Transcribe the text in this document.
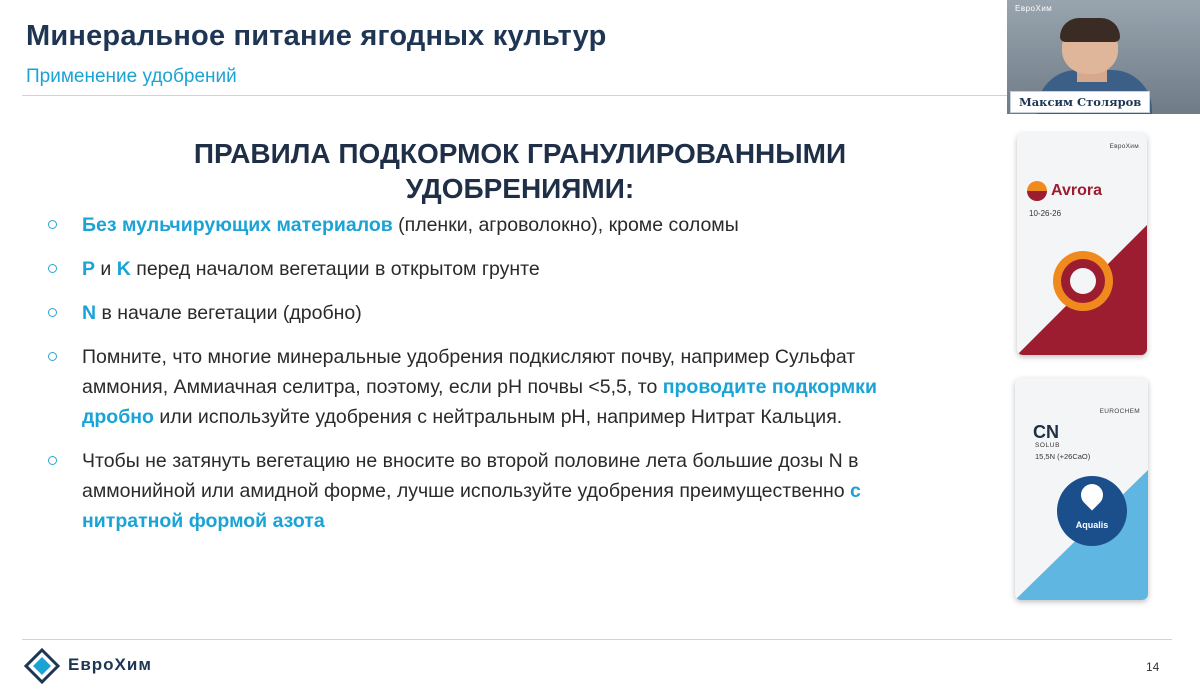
Минеральное питание ягодных культур
Применение удобрений
ПРАВИЛА ПОДКОРМОК ГРАНУЛИРОВАННЫМИ
УДОБРЕНИЯМИ:
Без мульчирующих материалов (пленки, агроволокно), кроме соломы
P и K перед началом вегетации в открытом грунте
N в начале вегетации (дробно)
Помните, что многие минеральные удобрения подкисляют почву, например Сульфат аммония, Аммиачная селитра, поэтому, если pH почвы <5,5, то проводите подкормки дробно или используйте удобрения с нейтральным pH, например Нитрат Кальция.
Чтобы не затянуть вегетацию не вносите во второй половине лета большие дозы N в аммонийной или амидной форме, лучше используйте удобрения преимущественно с нитратной формой азота
ЕвроХим
Avrora
10-26-26
EUROCHEM
CN
SOLUB
15,5N (+26CaO)
Aqualis
ЕвроХим	14
ЕвроХим
Максим Столяров
